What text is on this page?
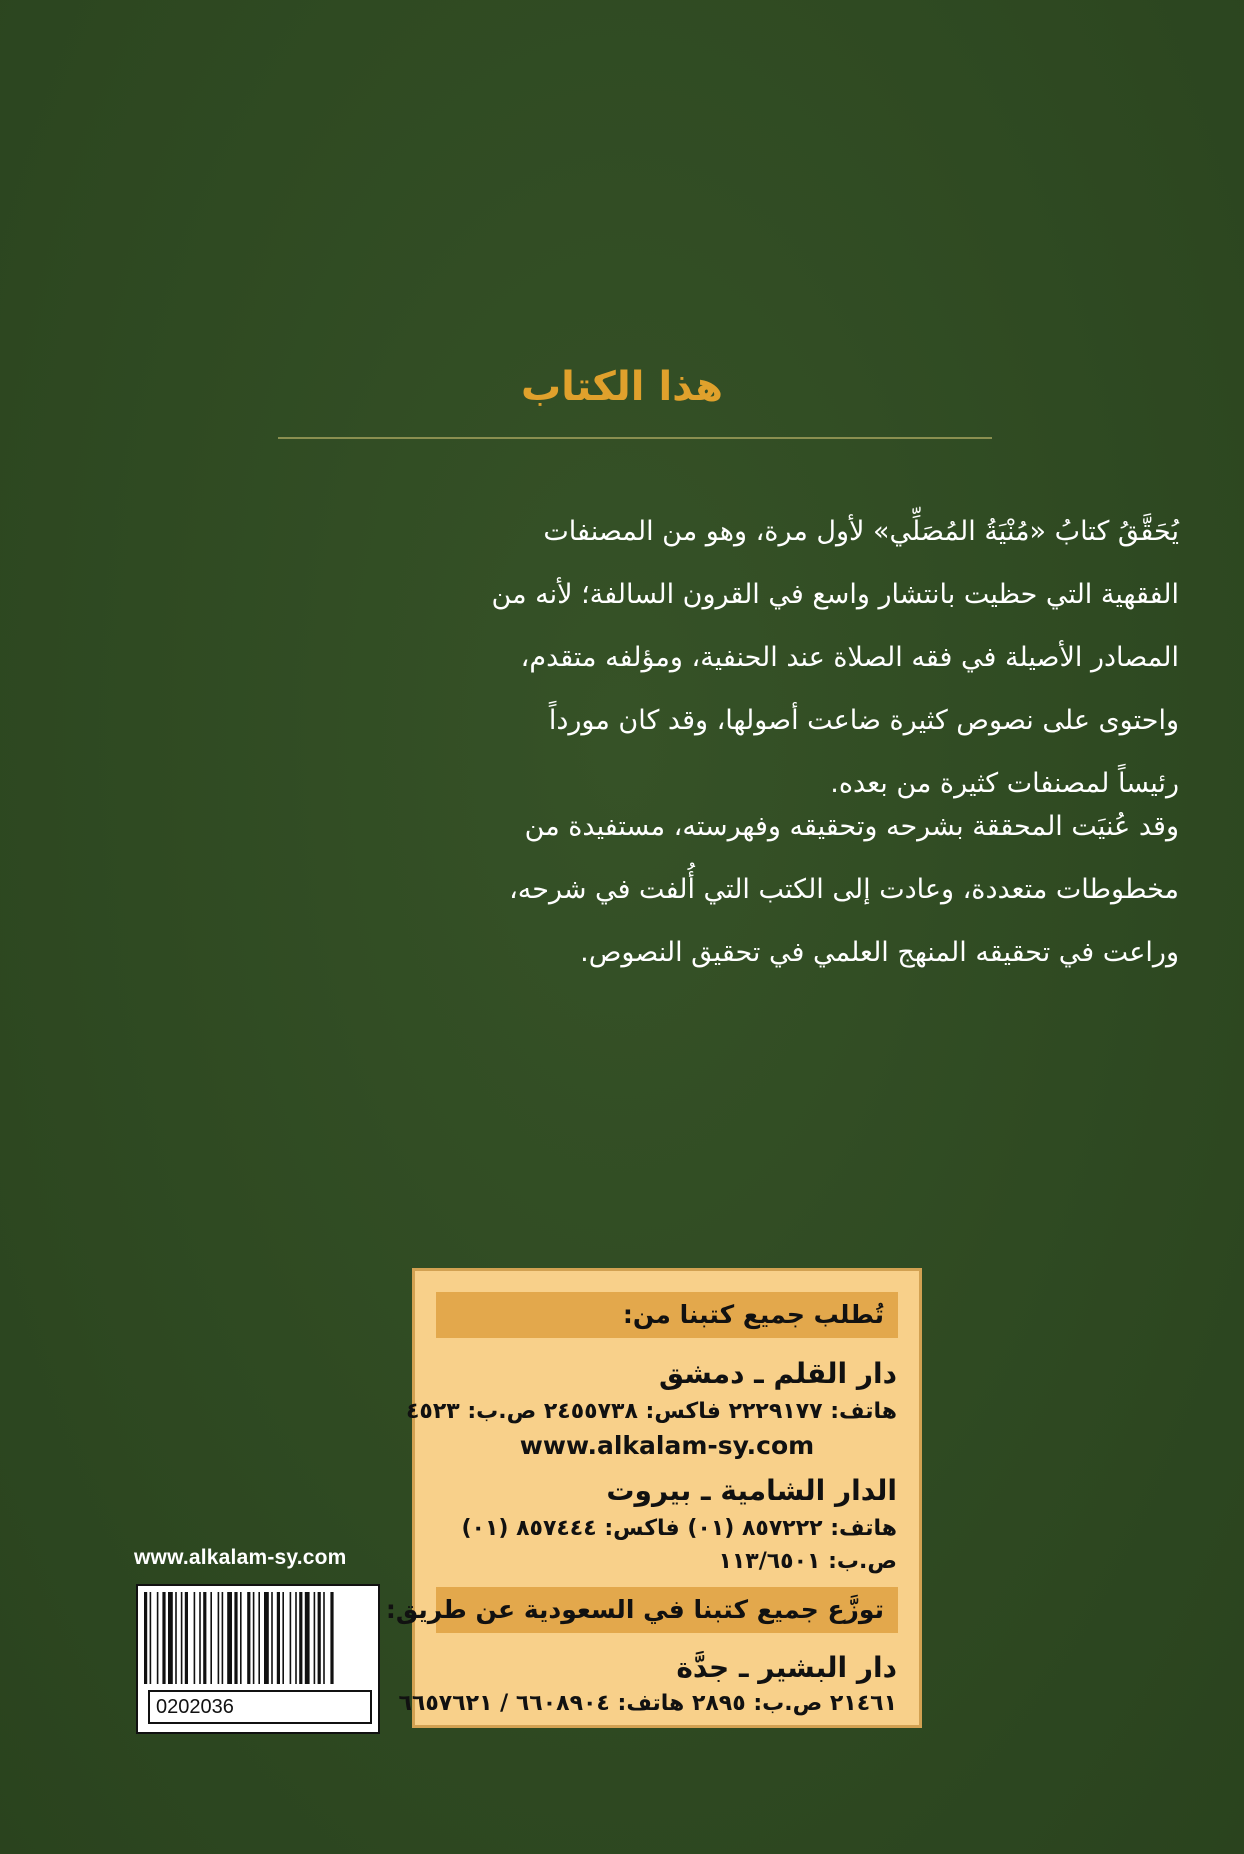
هذا الكتاب
يُحَقَّقُ كتابُ «مُنْيَةُ المُصَلِّي» لأول مرة، وهو من المصنفات
الفقهية التي حظيت بانتشار واسع في القرون السالفة؛ لأنه من
المصادر الأصيلة في فقه الصلاة عند الحنفية، ومؤلفه متقدم،
واحتوى على نصوص كثيرة ضاعت أصولها، وقد كان مورداً
رئيساً لمصنفات كثيرة من بعده.
وقد عُنيَت المحققة بشرحه وتحقيقه وفهرسته، مستفيدة من
مخطوطات متعددة، وعادت إلى الكتب التي أُلفت في شرحه،
وراعت في تحقيقه المنهج العلمي في تحقيق النصوص.
تُطلب جميع كتبنا من:
دار القلم ـ دمشق
هاتف: ٢٢٢٩١٧٧ فاكس: ٢٤٥٥٧٣٨ ص.ب: ٤٥٢٣
www.alkalam-sy.com
الدار الشامية ـ بيروت
هاتف: ٨٥٧٢٢٢ (٠١) فاكس: ٨٥٧٤٤٤ (٠١)
ص.ب: ١١٣/٦٥٠١
توزَّع جميع كتبنا في السعودية عن طريق:
دار البشير ـ جدَّة
٢١٤٦١ ص.ب: ٢٨٩٥ هاتف: ٦٦٠٨٩٠٤ / ٦٦٥٧٦٢١
www.alkalam-sy.com
0202036
